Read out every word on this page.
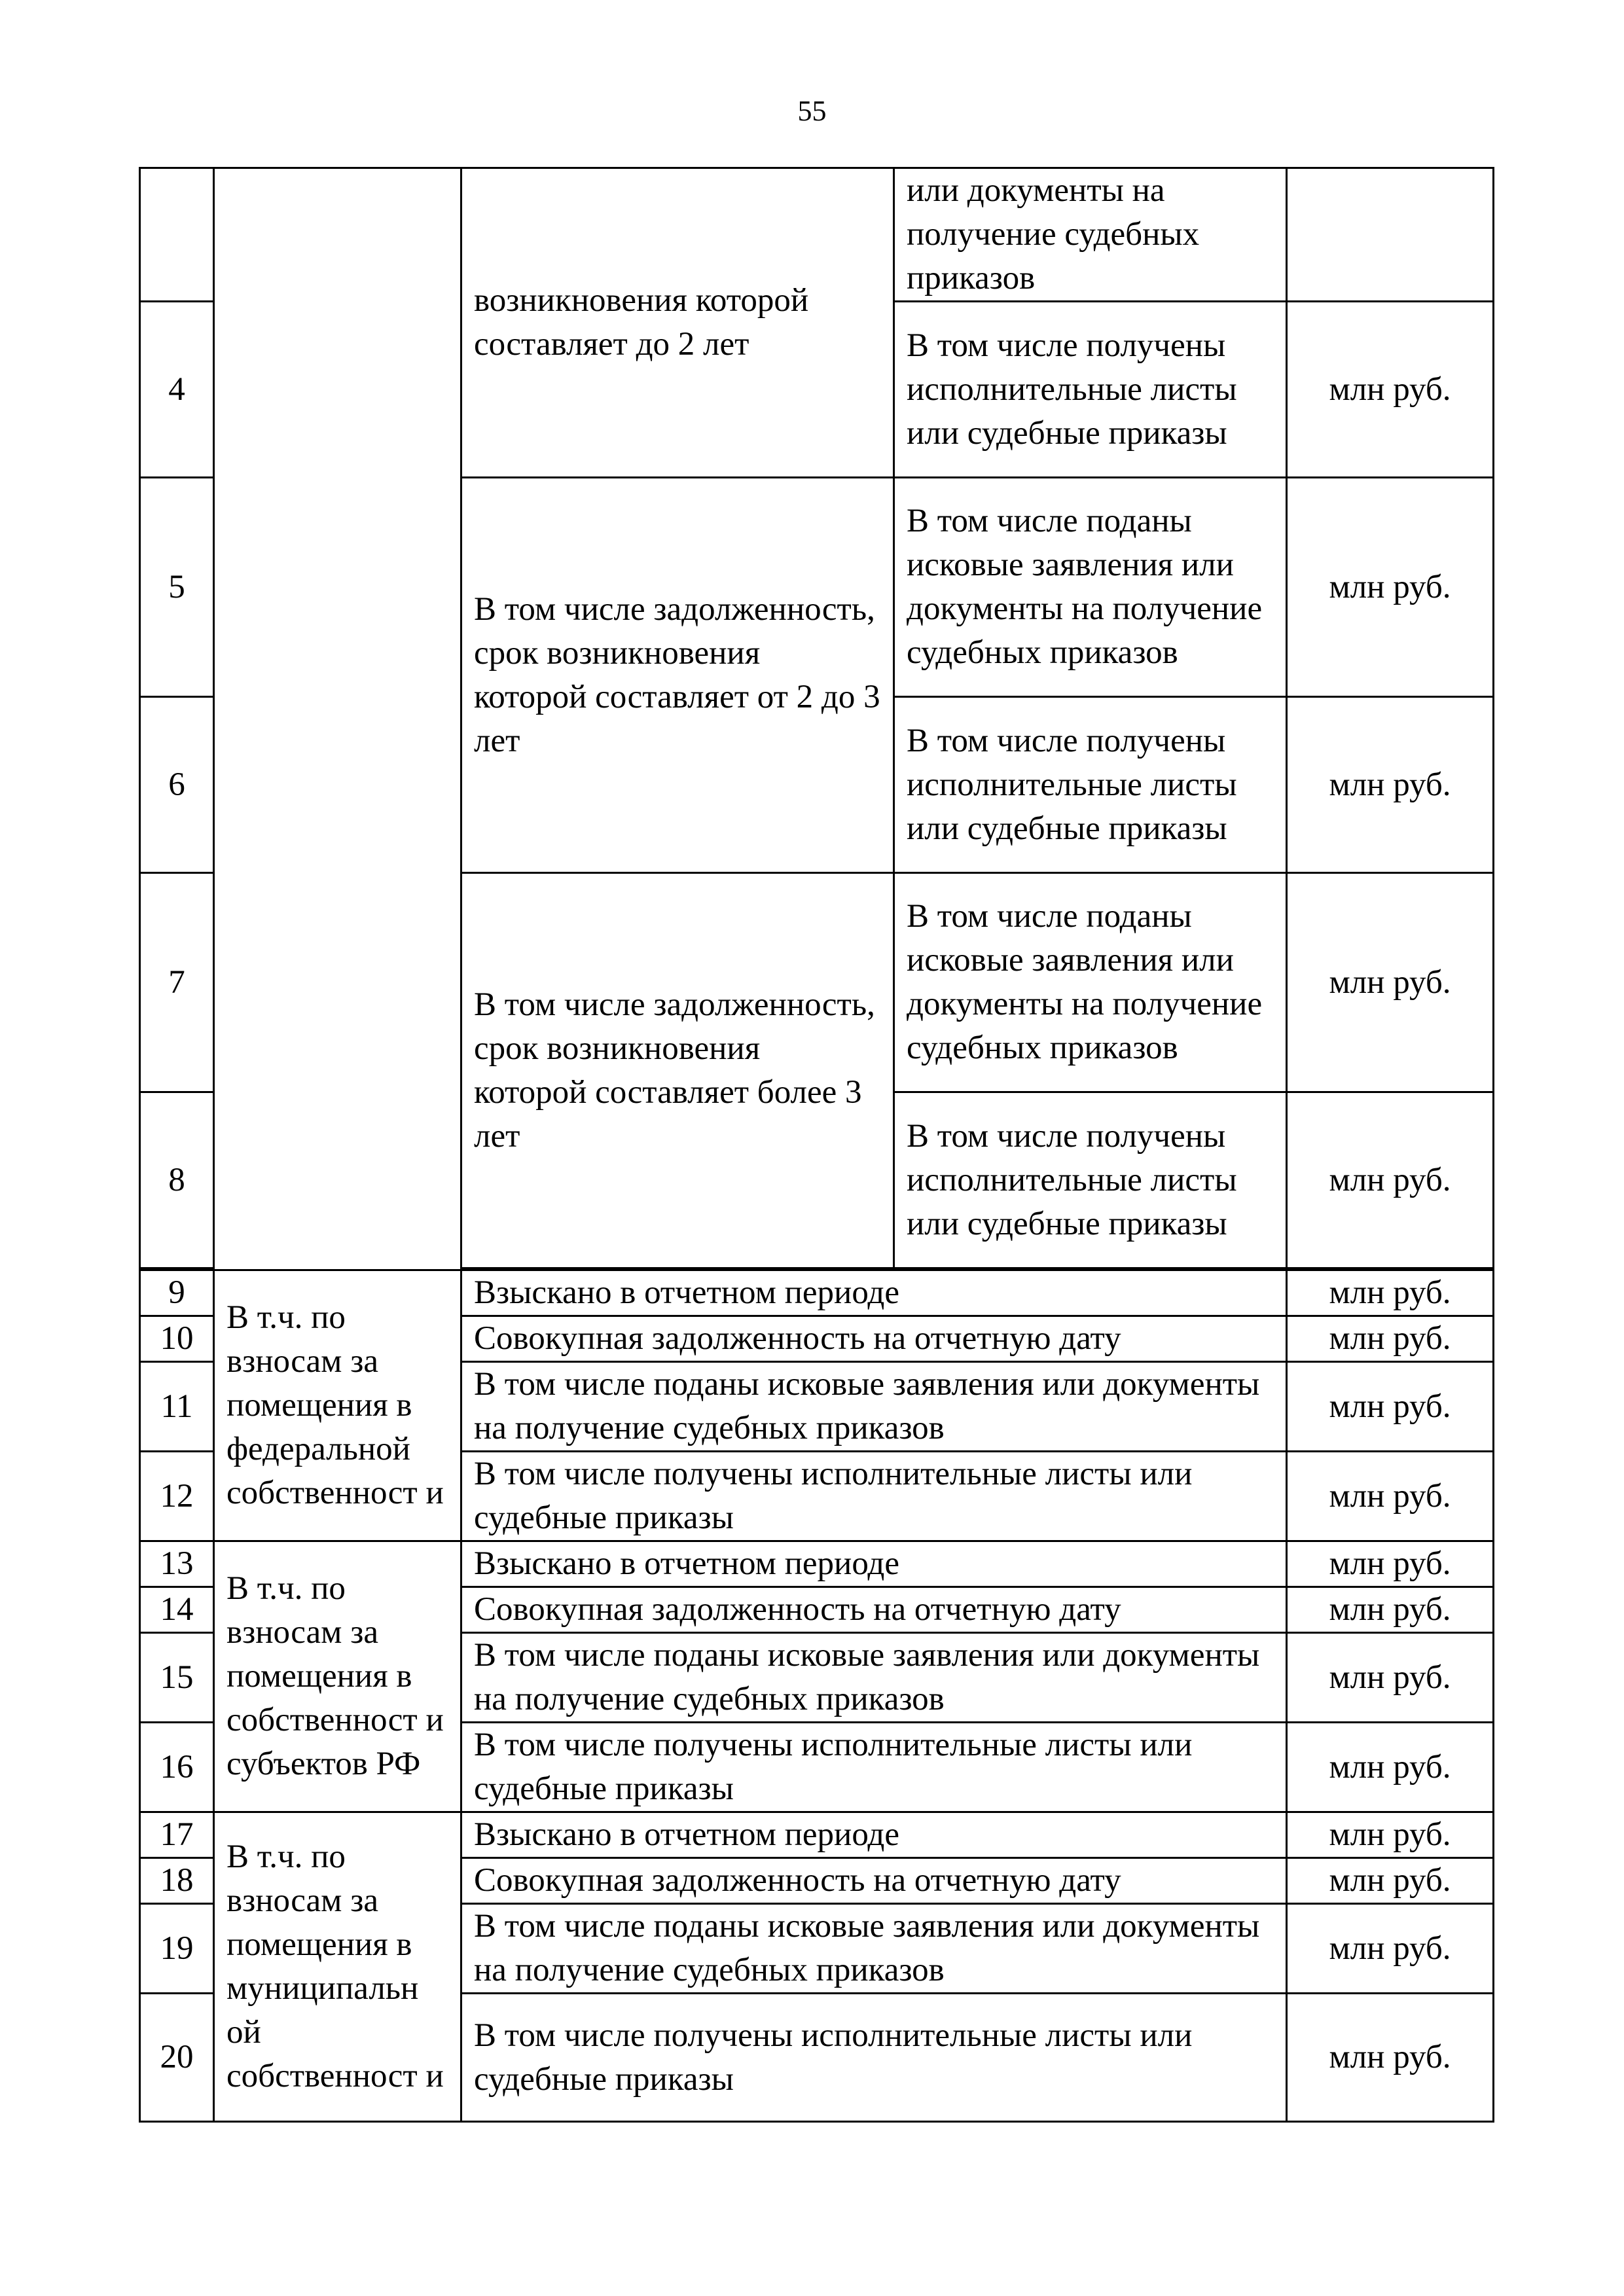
55
		возникновения которой составляет до 2 лет	или документы на получение судебных приказов	
4			В том числе получены исполнительные листы или судебные приказы	млн руб.
5		В том числе задолженность, срок возникновения которой составляет от 2 до 3 лет	В том числе поданы исковые заявления или документы на получение судебных приказов	млн руб.
6			В том числе получены исполнительные листы или судебные приказы	млн руб.
7		В том числе задолженность, срок возникновения которой составляет более 3 лет	В том числе поданы исковые заявления или документы на получение судебных приказов	млн руб.
8			В том числе получены исполнительные листы или судебные приказы	млн руб.

9	В т.ч. по взносам за помещения в федеральной собственност и	Взыскано в отчетном периоде		млн руб.
10		Совокупная задолженность на отчетную дату		млн руб.
11		В том числе поданы исковые заявления или документы на получение судебных приказов		млн руб.
12		В том числе получены исполнительные листы или судебные приказы		млн руб.
13	В т.ч. по взносам за помещения в собственност и субъектов РФ	Взыскано в отчетном периоде		млн руб.
14		Совокупная задолженность на отчетную дату		млн руб.
15		В том числе поданы исковые заявления или документы на получение судебных приказов		млн руб.
16		В том числе получены исполнительные листы или судебные приказы		млн руб.
17	В т.ч. по взносам за помещения в муниципальн ой собственност и	Взыскано в отчетном периоде		млн руб.
18		Совокупная задолженность на отчетную дату		млн руб.
19		В том числе поданы исковые заявления или документы на получение судебных приказов		млн руб.
20		В том числе получены исполнительные листы или судебные приказы		млн руб.
